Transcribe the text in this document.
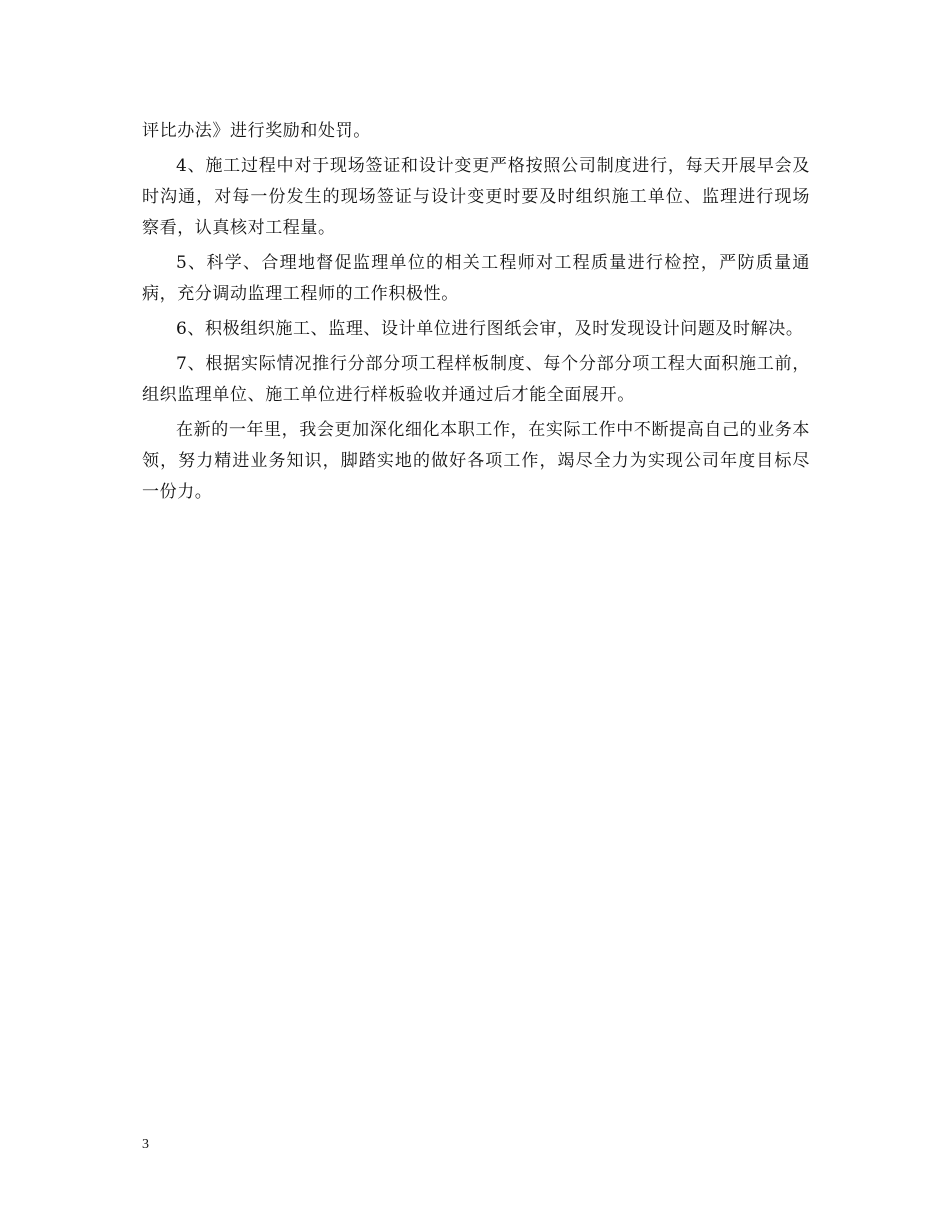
评比办法》进行奖励和处罚。

4、施工过程中对于现场签证和设计变更严格按照公司制度进行，每天开展早会及时沟通，对每一份发生的现场签证与设计变更时要及时组织施工单位、监理进行现场察看，认真核对工程量。

5、科学、合理地督促监理单位的相关工程师对工程质量进行检控，严防质量通病，充分调动监理工程师的工作积极性。

6、积极组织施工、监理、设计单位进行图纸会审，及时发现设计问题及时解决。

7、根据实际情况推行分部分项工程样板制度、每个分部分项工程大面积施工前，组织监理单位、施工单位进行样板验收并通过后才能全面展开。

在新的一年里，我会更加深化细化本职工作，在实际工作中不断提高自己的业务本领，努力精进业务知识，脚踏实地的做好各项工作，竭尽全力为实现公司年度目标尽一份力。

3
